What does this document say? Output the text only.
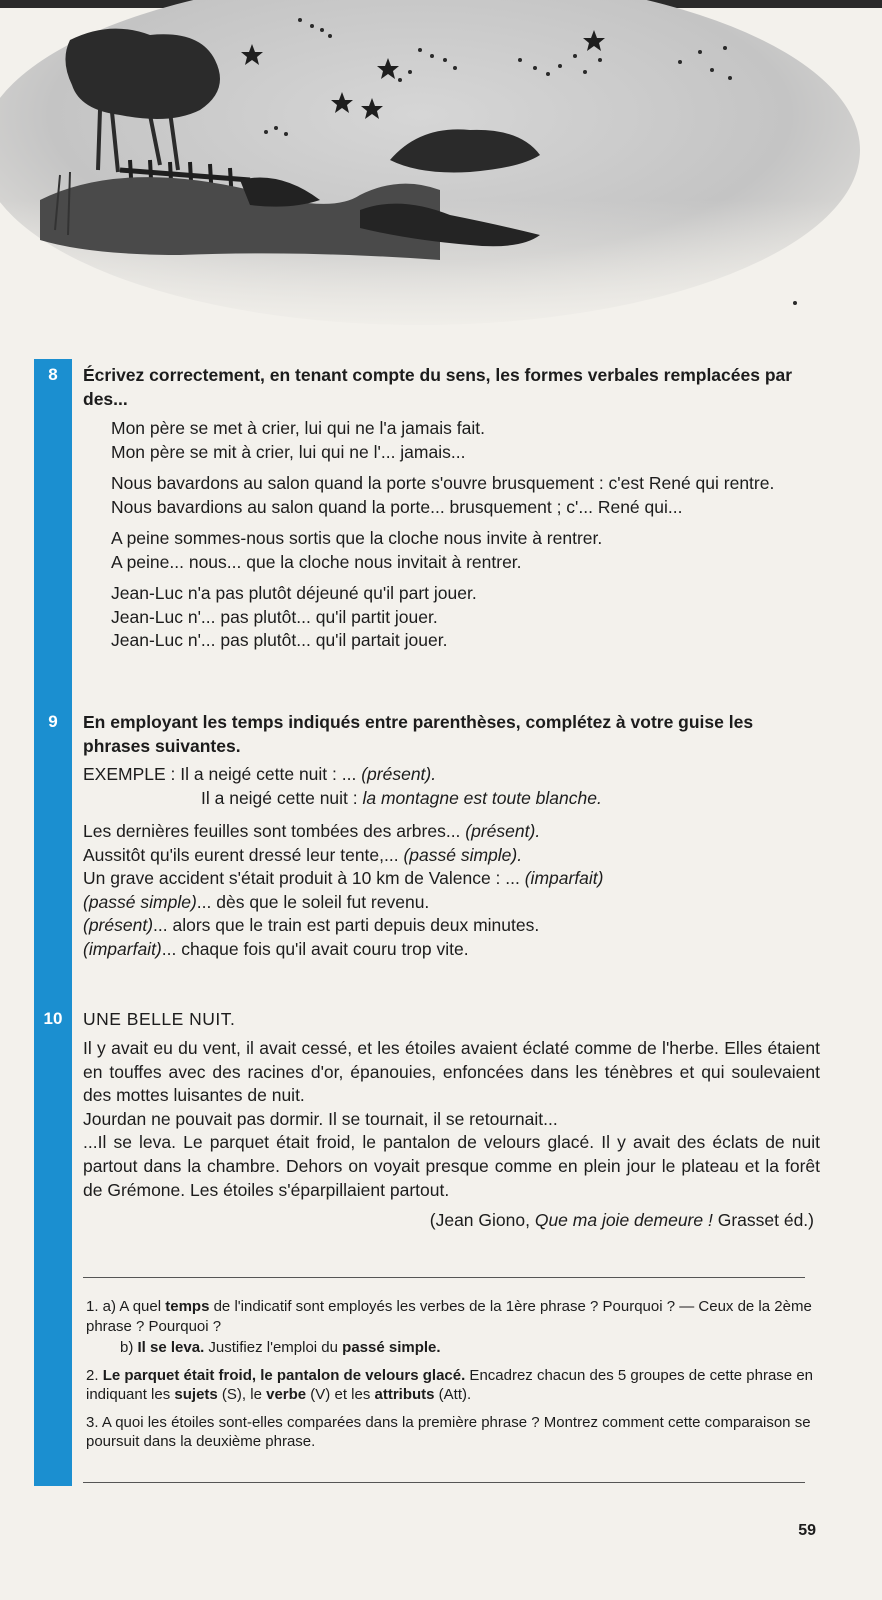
8	Écrivez correctement, en tenant compte du sens, les formes verbales remplacées par des...

Mon père se met à crier, lui qui ne l'a jamais fait.
Mon père se mit à crier, lui qui ne l'... jamais...
Nous bavardons au salon quand la porte s'ouvre brusquement : c'est René qui rentre.
Nous bavardions au salon quand la porte... brusquement ; c'... René qui...
A peine sommes-nous sortis que la cloche nous invite à rentrer.
A peine... nous... que la cloche nous invitait à rentrer.
Jean-Luc n'a pas plutôt déjeuné qu'il part jouer.
Jean-Luc n'... pas plutôt... qu'il partit jouer.
Jean-Luc n'... pas plutôt... qu'il partait jouer.
9	En employant les temps indiqués entre parenthèses, complétez à votre guise les phrases suivantes.

EXEMPLE : Il a neigé cette nuit : ... (présent).
Il a neigé cette nuit : la montagne est toute blanche.
Les dernières feuilles sont tombées des arbres... (présent).
Aussitôt qu'ils eurent dressé leur tente,... (passé simple).
Un grave accident s'était produit à 10 km de Valence : ... (imparfait)
(passé simple)... dès que le soleil fut revenu.
(présent)... alors que le train est parti depuis deux minutes.
(imparfait)... chaque fois qu'il avait couru trop vite.
10	UNE BELLE NUIT.

Il y avait eu du vent, il avait cessé, et les étoiles avaient éclaté comme de l'herbe. Elles étaient en touffes avec des racines d'or, épanouies, enfoncées dans les ténèbres et qui soulevaient des mottes luisantes de nuit.

Jourdan ne pouvait pas dormir. Il se tournait, il se retournait...

...Il se leva. Le parquet était froid, le pantalon de velours glacé. Il y avait des éclats de nuit partout dans la chambre. Dehors on voyait presque comme en plein jour le plateau et la forêt de Grémone. Les étoiles s'éparpillaient partout.

(Jean Giono, Que ma joie demeure ! Grasset éd.)

1. a) A quel temps de l'indicatif sont employés les verbes de la 1ère phrase ? Pourquoi ? — Ceux de la 2ème phrase ? Pourquoi ?

b) Il se leva. Justifiez l'emploi du passé simple.

2. Le parquet était froid, le pantalon de velours glacé. Encadrez chacun des 5 groupes de cette phrase en indiquant les sujets (S), le verbe (V) et les attributs (Att).

3. A quoi les étoiles sont-elles comparées dans la première phrase ? Montrez comment cette comparaison se poursuit dans la deuxième phrase.

59
